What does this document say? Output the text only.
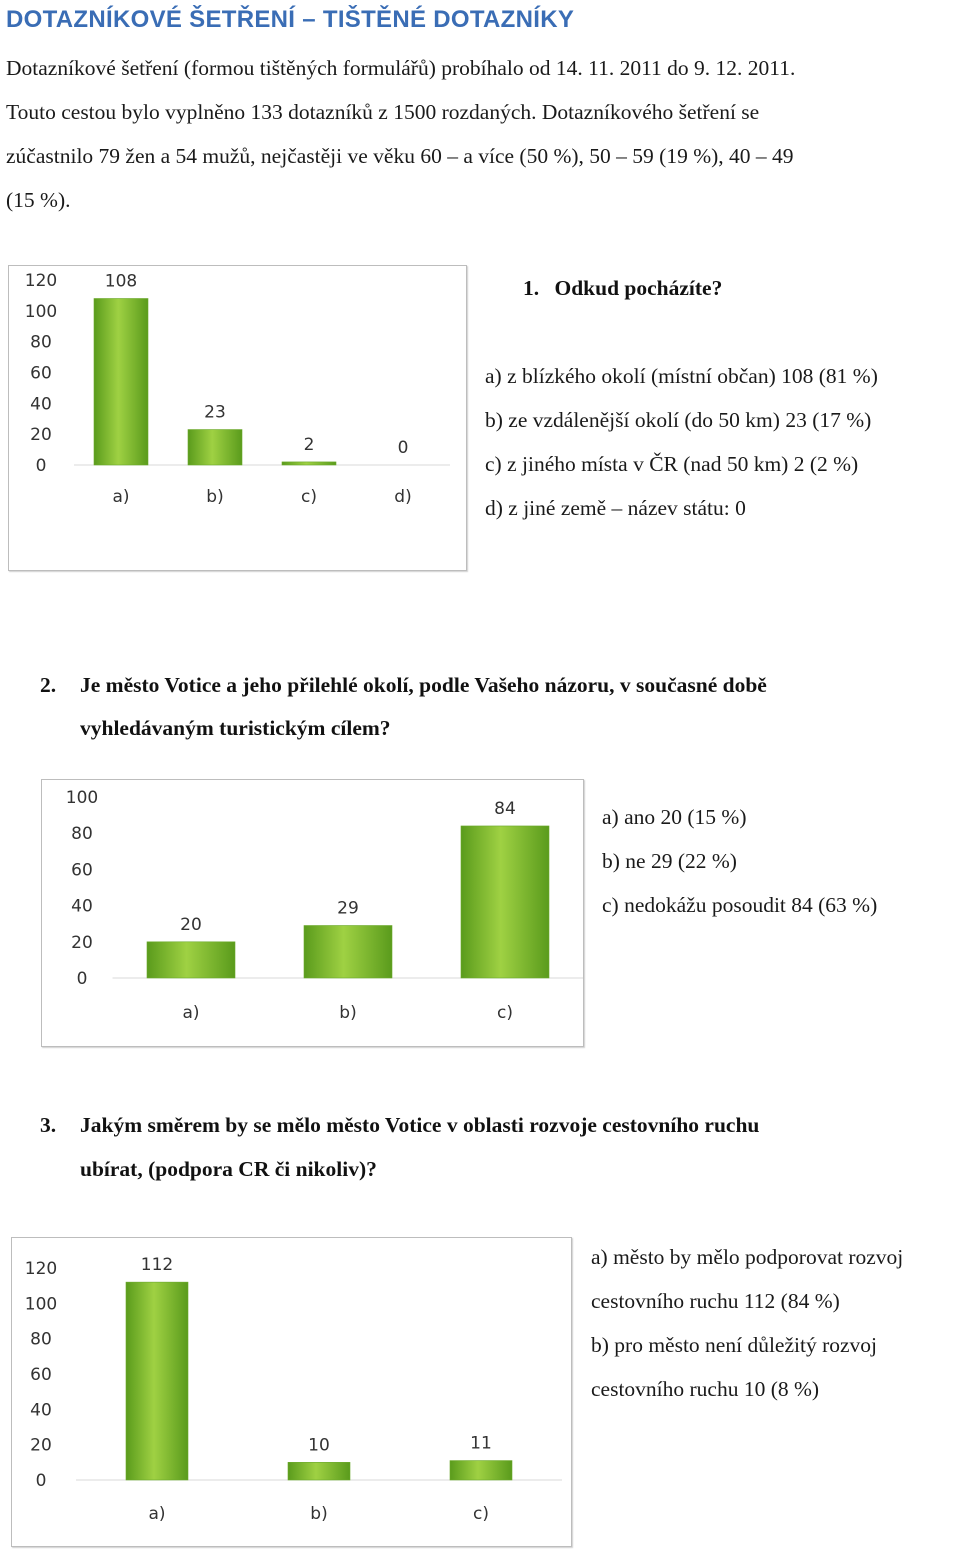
DOTAZNÍKOVÉ ŠETŘENÍ – TIŠTĚNÉ DOTAZNÍKY
Dotazníkové šetření (formou tištěných formulářů) probíhalo od 14. 11. 2011 do 9. 12. 2011.
Touto cestou bylo vyplněno 133 dotazníků z 1500 rozdaných. Dotazníkového šetření se
zúčastnilo 79 žen a 54 mužů, nejčastěji ve věku 60 – a více (50 %), 50 – 59 (19 %), 40 – 49
(15 %).
0
20
40
60
80
100
120	108
a)
23
b)
2
c)
0
d)
1. Odkud pocházíte?
a) z blízkého okolí (místní občan) 108 (81 %)
b) ze vzdálenější okolí (do 50 km) 23 (17 %)
c) z jiného místa v ČR (nad 50 km) 2 (2 %)
d) z jiné země – název státu: 0
2. Je město Votice a jeho přilehlé okolí, podle Vašeho názoru, v současné době
vyhledávaným turistickým cílem?
0
20
40
60
80
100
20
a)
29
b)
84
c)
a) ano 20 (15 %)
b) ne 29 (22 %)
c) nedokážu posoudit 84 (63 %)
3. Jakým směrem by se mělo město Votice v oblasti rozvoje cestovního ruchu
ubírat, (podpora CR či nikoliv)?
0
20
40
60
80
100
120	112
a)
10
b)
11
c)
a) město by mělo podporovat rozvoj
cestovního ruchu 112 (84 %)
b) pro město není důležitý rozvoj
cestovního ruchu 10 (8 %)
